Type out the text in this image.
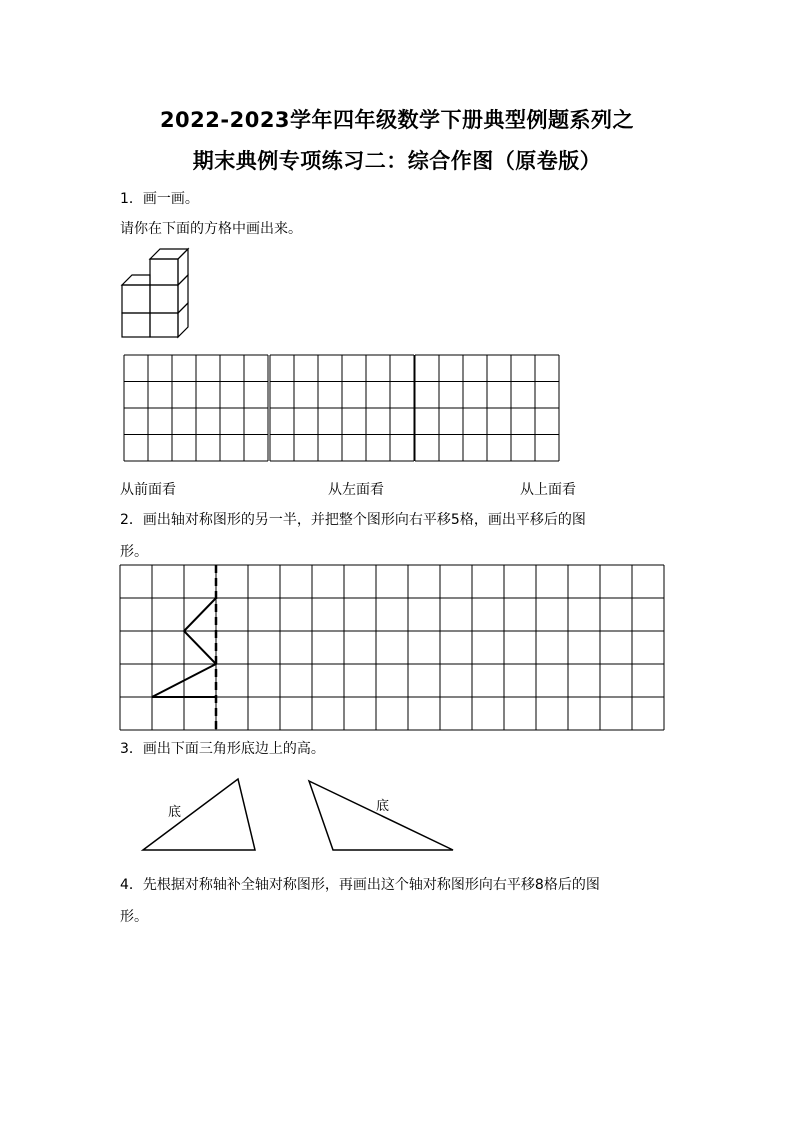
2022-2023学年四年级数学下册典型例题系列之
期末典例专项练习二：综合作图（原卷版）
1．画一画。
请你在下面的方格中画出来。
从前面看	从左面看	从上面看
2．画出轴对称图形的另一半，并把整个图形向右平移5格，画出平移后的图
形。
3．画出下面三角形底边上的高。
底	底
4．先根据对称轴补全轴对称图形，再画出这个轴对称图形向右平移8格后的图
形。
